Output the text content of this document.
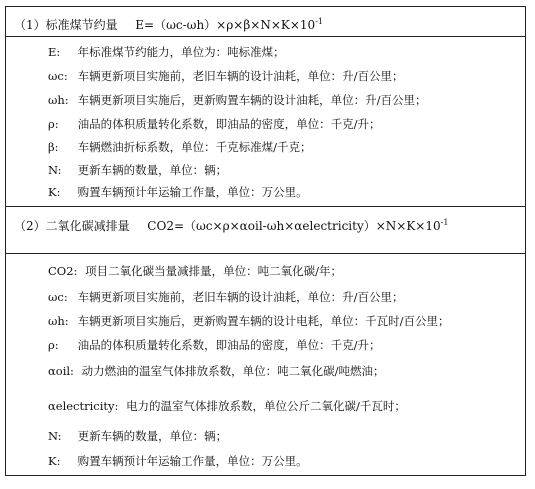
（1）标准煤节约量 $E=(\omega c-\omega h)\times\rho\times\beta\times N\times K\times 10^{-1}$
E: 年标准煤节约能力，单位为：吨标准煤；
ωc: 车辆更新项目实施前，老旧车辆的设计油耗，单位：升/百公里；
ωh: 车辆更新项目实施后，更新购置车辆的设计油耗，单位：升/百公里；
ρ: 油品的体积质量转化系数，即油品的密度，单位：千克/升；
β: 车辆燃油折标系数，单位：千克标准煤/千克；
N: 更新车辆的数量，单位：辆；
K: 购置车辆预计年运输工作量，单位：万公里。
（2）二氧化碳减排量 $CO2=(\omega c\times\rho\times\alpha oil-\omega h\times\alpha electricity)\times N\times K\times 10^{-1}$
CO2: 项目二氧化碳当量减排量，单位：吨二氧化碳/年；
ωc: 车辆更新项目实施前，老旧车辆的设计油耗，单位：升/百公里；
ωh: 车辆更新项目实施后，更新购置车辆的设计电耗，单位：千瓦时/百公里；
ρ: 油品的体积质量转化系数，即油品的密度，单位：千克/升；
αoil: 动力燃油的温室气体排放系数，单位：吨二氧化碳/吨燃油；
αelectricity: 电力的温室气体排放系数，单位公斤二氧化碳/千瓦时；
N: 更新车辆的数量，单位：辆；
K: 购置车辆预计年运输工作量，单位：万公里。
